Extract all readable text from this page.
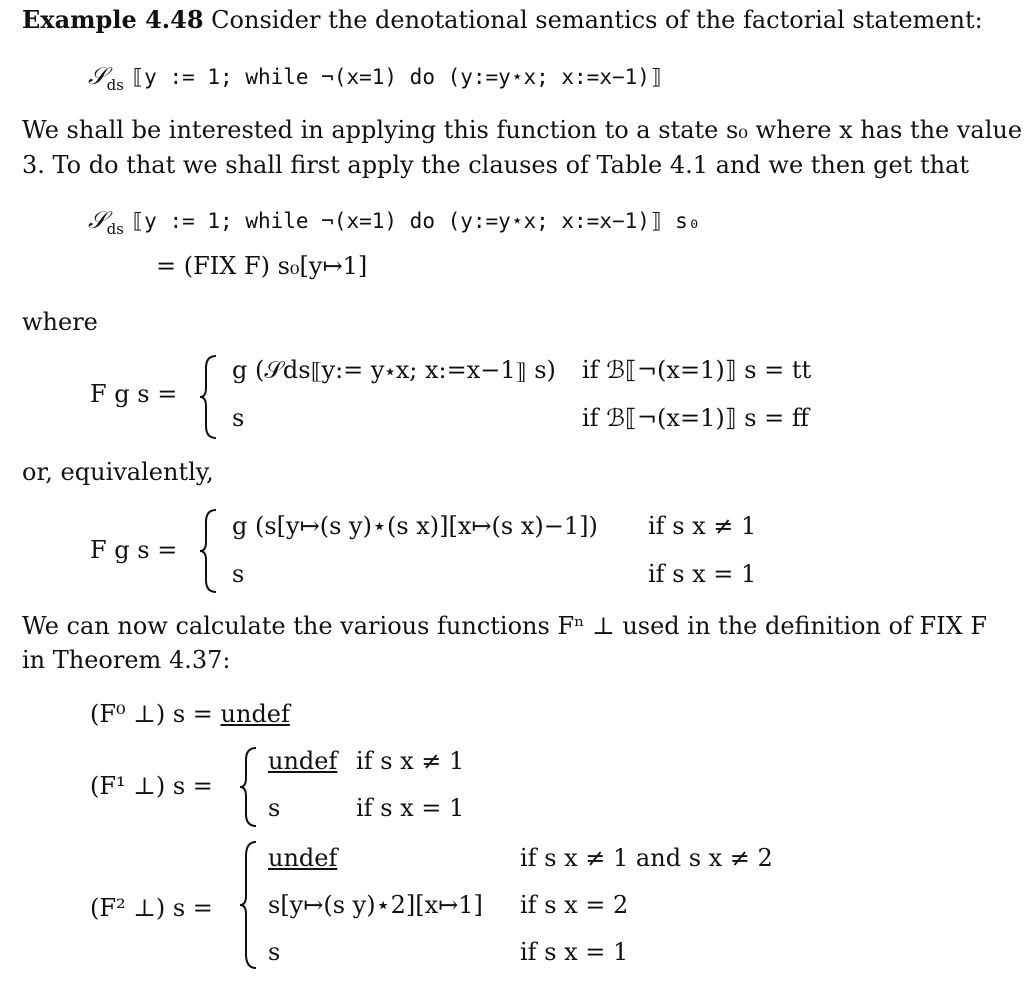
Example 4.48 Consider the denotational semantics of the factorial statement:
𝒮$_{ds}$ ⟦y := 1; while ¬(x=1) do (y:=y⋆x; x:=x−1)⟧
We shall be interested in applying this function to a state s₀ where x has the value
3. To do that we shall first apply the clauses of Table 4.1 and we then get that
𝒮$_{ds}$ ⟦y := 1; while ¬(x=1) do (y:=y⋆x; x:=x−1)⟧ s₀
= (FIX F) s₀[y↦1]
where
F g s =
g (𝒮ds⟦y:= y⋆x; x:=x−1⟧ s) if ℬ⟦¬(x=1)⟧ s = tt
s	if ℬ⟦¬(x=1)⟧ s = ff
or, equivalently,
F g s =
g (s[y↦(s y)⋆(s x)][x↦(s x)−1]) if s x ≠ 1
s	if s x = 1
We can now calculate the various functions Fⁿ ⊥ used in the definition of FIX F
in Theorem 4.37:
(F⁰ ⊥) s = undef
(F¹ ⊥) s =
undef if s x ≠ 1
s	if s x = 1
(F² ⊥) s =
undef	if s x ≠ 1 and s x ≠ 2
s[y↦(s y)⋆2][x↦1] if s x = 2
s	if s x = 1
